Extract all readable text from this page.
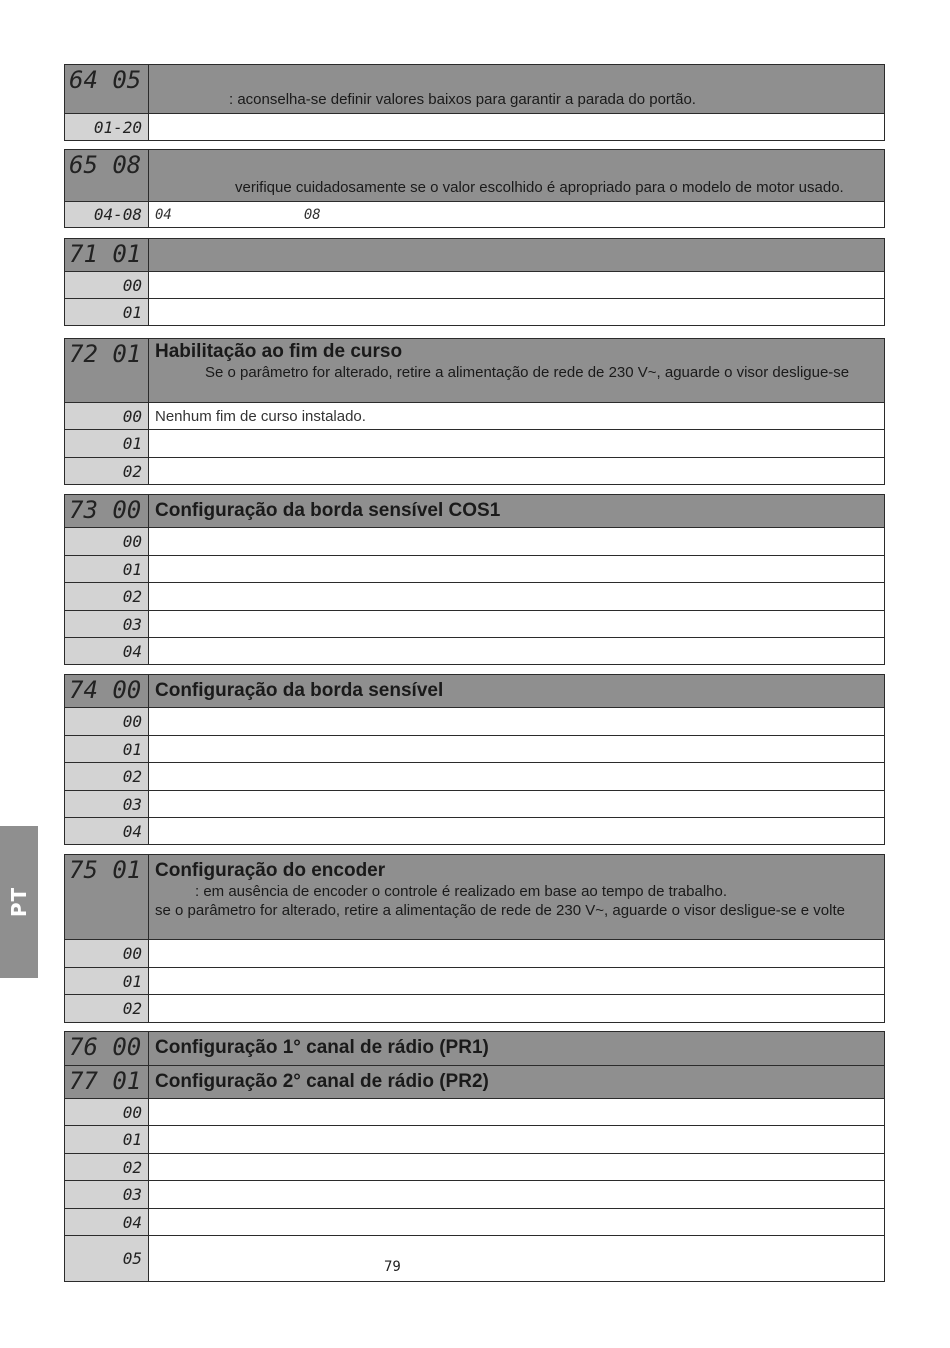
PT
64 05
: aconselha-se definir valores baixos para garantir a parada do portão.
01-20
65 08
verifique cuidadosamente se o valor escolhido é apropriado para o modelo de motor usado.
04-08 04	08
71 01
00
01
72 01 Habilitação ao fim de curso
Se o parâmetro for alterado, retire a alimentação de rede de 230 V~, aguarde o visor desligue-se
00 Nenhum fim de curso instalado.
01
02
73 00 Configuração da borda sensível COS1
00
01
02
03
04
74 00 Configuração da borda sensível
00
01
02
03
04
75 01 Configuração do encoder
: em ausência de encoder o controle é realizado em base ao tempo de trabalho.
se o parâmetro for alterado, retire a alimentação de rede de 230 V~, aguarde o visor desligue-se e volte
00
01
02
76 00 Configuração 1° canal de rádio (PR1)
77 01 Configuração 2° canal de rádio (PR2)
00
01
02
03
04
05	79
